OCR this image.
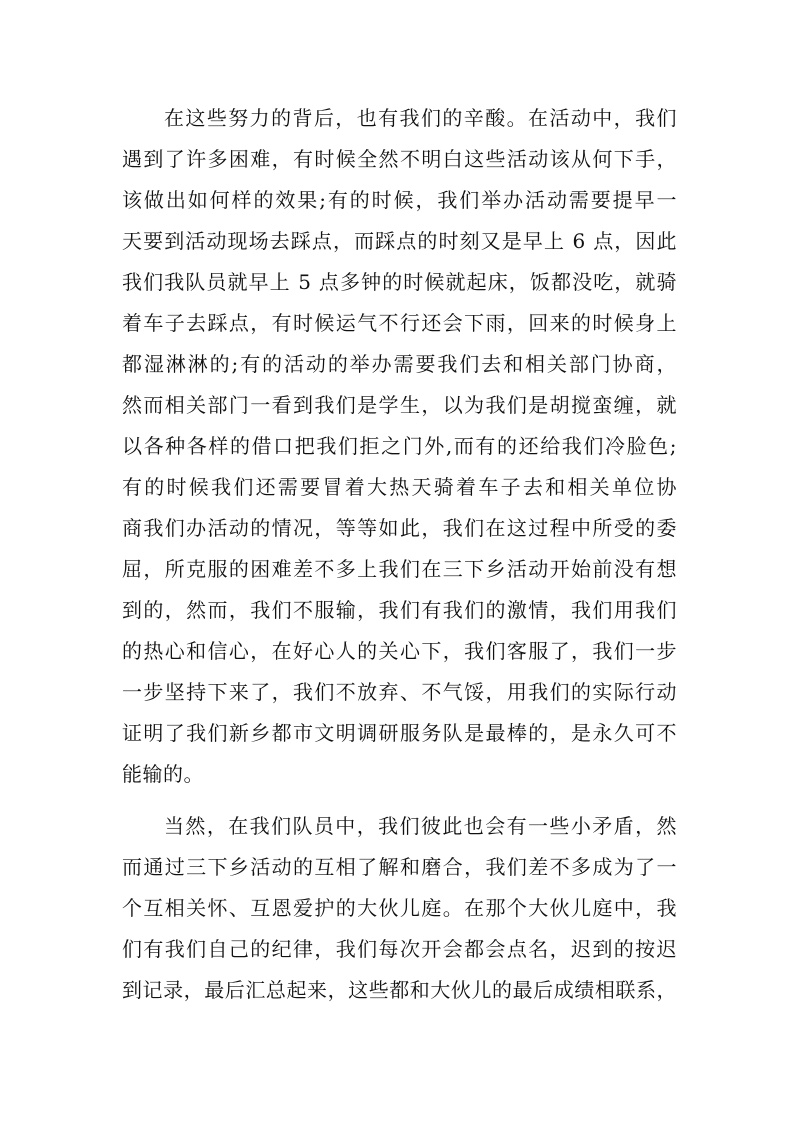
在这些努力的背后，也有我们的辛酸。在活动中，我们
遇到了许多困难，有时候全然不明白这些活动该从何下手，
该做出如何样的效果;有的时候，我们举办活动需要提早一
天要到活动现场去踩点，而踩点的时刻又是早上 6 点，因此
我们我队员就早上 5 点多钟的时候就起床，饭都没吃，就骑
着车子去踩点，有时候运气不行还会下雨，回来的时候身上
都湿淋淋的;有的活动的举办需要我们去和相关部门协商，
然而相关部门一看到我们是学生，以为我们是胡搅蛮缠，就
以各种各样的借口把我们拒之门外,而有的还给我们冷脸色;
有的时候我们还需要冒着大热天骑着车子去和相关单位协
商我们办活动的情况，等等如此，我们在这过程中所受的委
屈，所克服的困难差不多上我们在三下乡活动开始前没有想
到的，然而，我们不服输，我们有我们的激情，我们用我们
的热心和信心，在好心人的关心下，我们客服了，我们一步
一步坚持下来了，我们不放弃、不气馁，用我们的实际行动
证明了我们新乡都市文明调研服务队是最棒的，是永久可不
能输的。
当然，在我们队员中，我们彼此也会有一些小矛盾，然
而通过三下乡活动的互相了解和磨合，我们差不多成为了一
个互相关怀、互恩爱护的大伙儿庭。在那个大伙儿庭中，我
们有我们自己的纪律，我们每次开会都会点名，迟到的按迟
到记录，最后汇总起来，这些都和大伙儿的最后成绩相联系，
